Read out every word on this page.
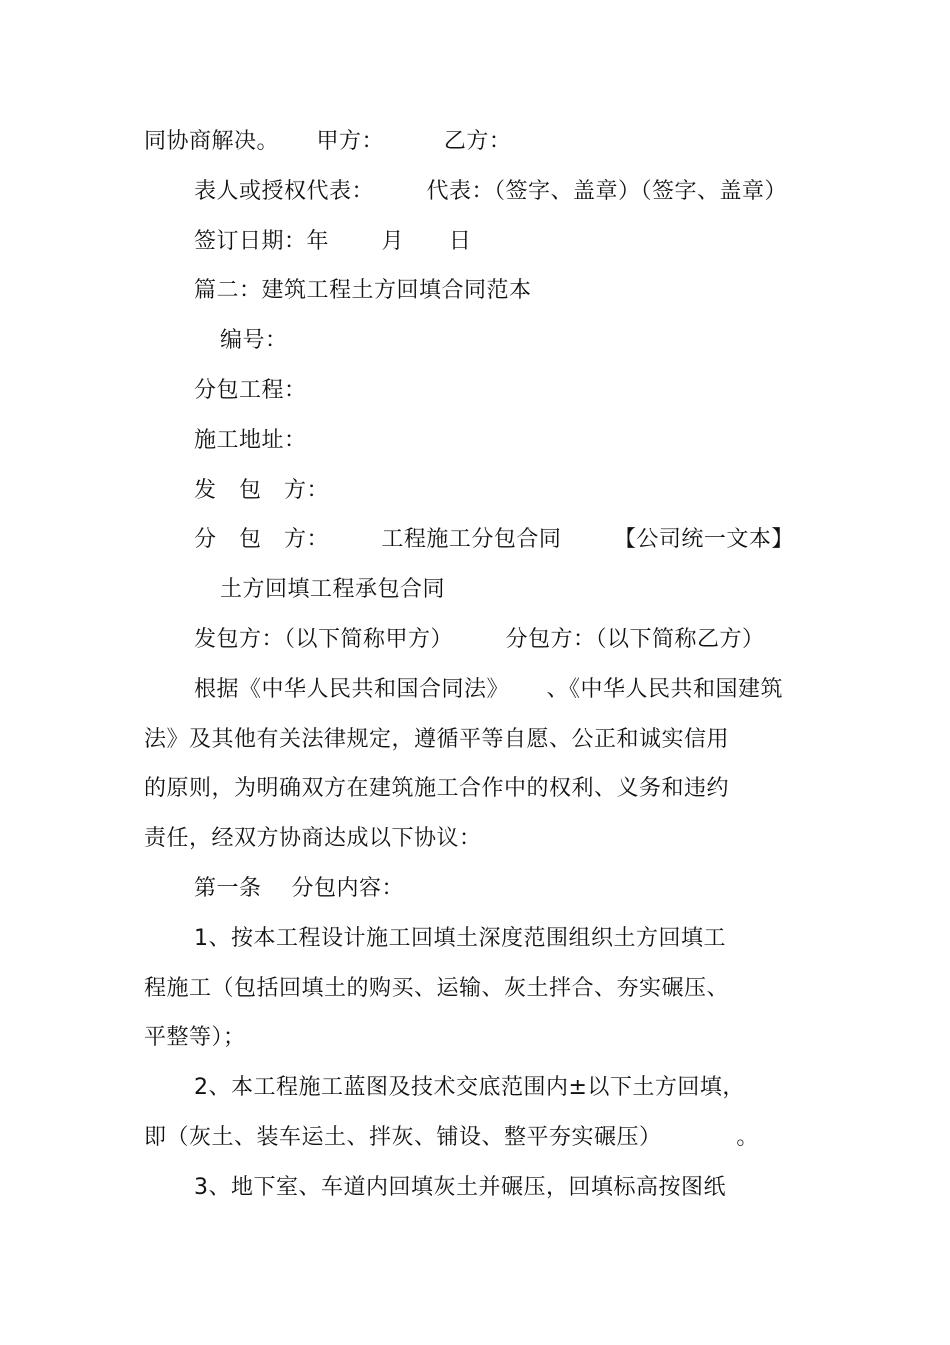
同协商解决。     甲方：        乙方：
表人或授权代表：       代表：（签字、盖章）（签字、盖章）
签订日期：年       月      日
篇二：建筑工程土方回填合同范本
编号：
分包工程：
施工地址：
发   包   方：
分   包   方：       工程施工分包合同       【公司统一文本】
土方回填工程承包合同
发包方：（以下简称甲方）       分包方：（以下简称乙方）
根据《中华人民共和国合同法》     、《中华人民共和国建筑
法》及其他有关法律规定，遵循平等自愿、公正和诚实信用
的原则，为明确双方在建筑施工合作中的权利、义务和违约
责任，经双方协商达成以下协议：
第一条    分包内容：
1、按本工程设计施工回填土深度范围组织土方回填工
程施工（包括回填土的购买、运输、灰土拌合、夯实碾压、
平整等）；
2、本工程施工蓝图及技术交底范围内±以下土方回填，
即（灰土、装车运土、拌灰、铺设、整平夯实碾压）          。
3、地下室、车道内回填灰土并碾压，回填标高按图纸
